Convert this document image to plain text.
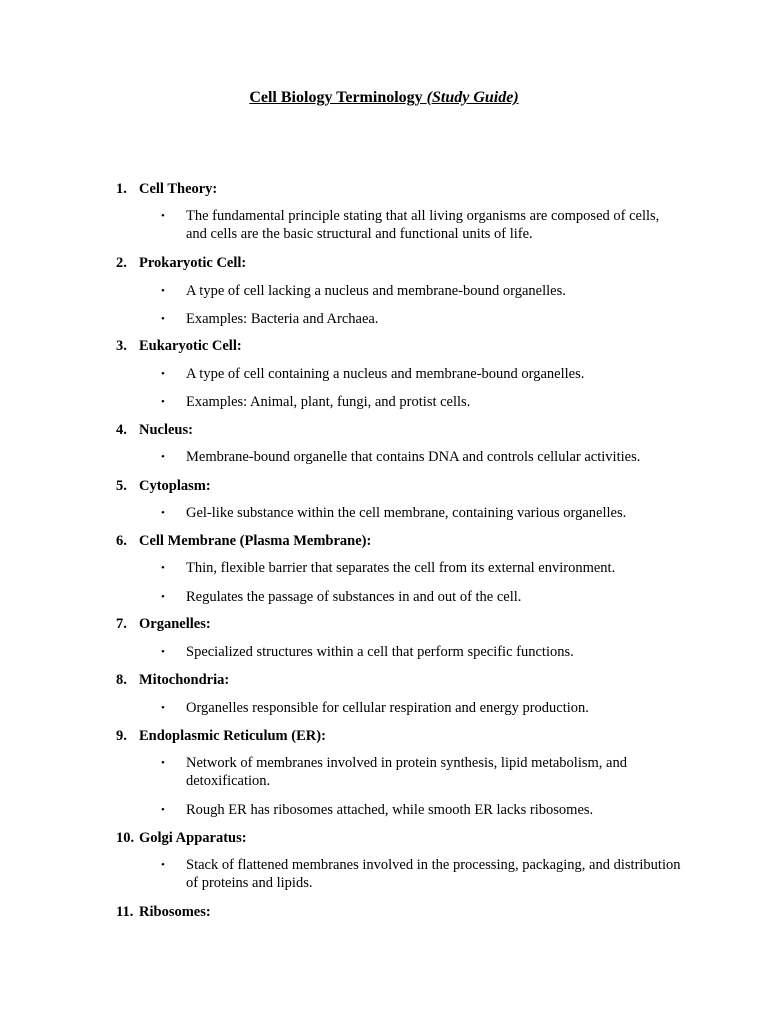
Cell Biology Terminology (Study Guide)
1. Cell Theory:
• The fundamental principle stating that all living organisms are composed of cells, and cells are the basic structural and functional units of life.
2. Prokaryotic Cell:
• A type of cell lacking a nucleus and membrane-bound organelles.
• Examples: Bacteria and Archaea.
3. Eukaryotic Cell:
• A type of cell containing a nucleus and membrane-bound organelles.
• Examples: Animal, plant, fungi, and protist cells.
4. Nucleus:
• Membrane-bound organelle that contains DNA and controls cellular activities.
5. Cytoplasm:
• Gel-like substance within the cell membrane, containing various organelles.
6. Cell Membrane (Plasma Membrane):
• Thin, flexible barrier that separates the cell from its external environment.
• Regulates the passage of substances in and out of the cell.
7. Organelles:
• Specialized structures within a cell that perform specific functions.
8. Mitochondria:
• Organelles responsible for cellular respiration and energy production.
9. Endoplasmic Reticulum (ER):
• Network of membranes involved in protein synthesis, lipid metabolism, and detoxification.
• Rough ER has ribosomes attached, while smooth ER lacks ribosomes.
10. Golgi Apparatus:
• Stack of flattened membranes involved in the processing, packaging, and distribution of proteins and lipids.
11. Ribosomes:
